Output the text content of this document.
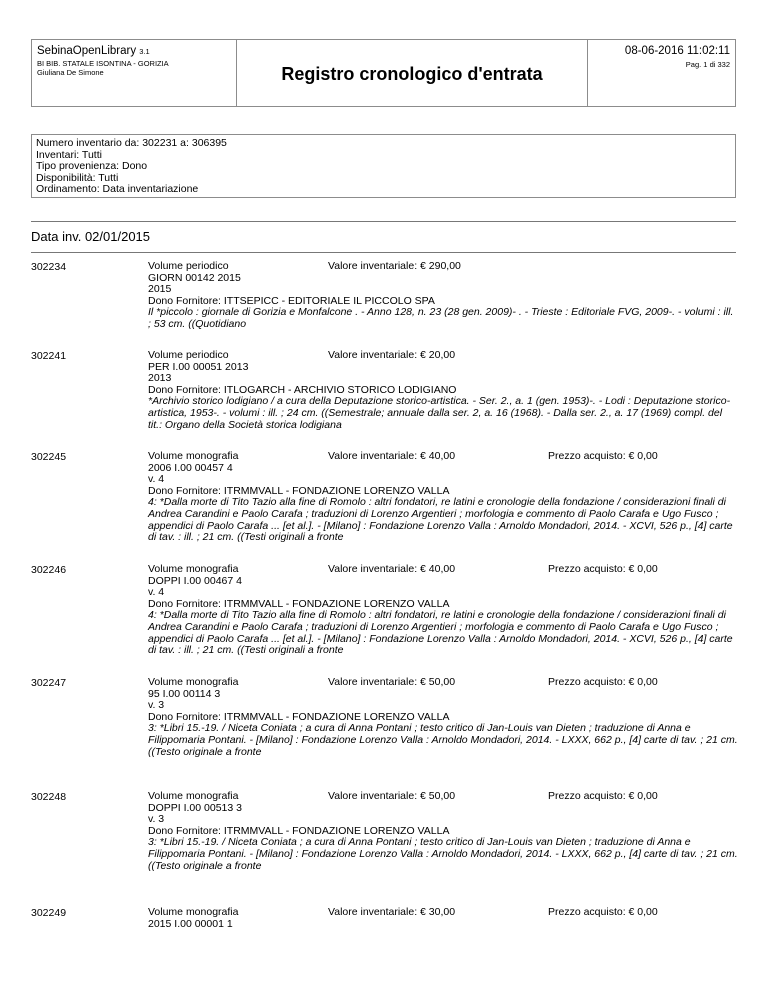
SebinaOpenLibrary 3.1
BI BIB. STATALE ISONTINA - GORIZIA
Giuliana De Simone	Registro cronologico d'entrata
08-06-2016 11:02:11
Pag. 1 di 332
Numero inventario da: 302231 a: 306395
Inventari: Tutti
Tipo provenienza: Dono
Disponibilità: Tutti
Ordinamento: Data inventariazione
Data inv. 02/01/2015
302234	Volume periodico	Valore inventariale: € 290,00
GIORN 00142 2015
2015
Dono Fornitore: ITTSEPICC - EDITORIALE IL PICCOLO SPA
Il *piccolo : giornale di Gorizia e Monfalcone . - Anno 128, n. 23 (28 gen. 2009)- . - Trieste : Editoriale FVG, 2009-. - volumi : ill. ; 53 cm. ((Quotidiano
302241	Volume periodico	Valore inventariale: € 20,00
PER I.00 00051 2013
2013
Dono Fornitore: ITLOGARCH - ARCHIVIO STORICO LODIGIANO
*Archivio storico lodigiano / a cura della Deputazione storico-artistica. - Ser. 2., a. 1 (gen. 1953)-. - Lodi : Deputazione storico-artistica, 1953-. - volumi : ill. ; 24 cm. ((Semestrale; annuale dalla ser. 2, a. 16 (1968). - Dalla ser. 2., a. 17 (1969) compl. del tit.: Organo della Società storica lodigiana
302245	Volume monografia	Valore inventariale: € 40,00	Prezzo acquisto: € 0,00
2006 I.00 00457 4
v. 4
Dono Fornitore: ITRMMVALL - FONDAZIONE LORENZO VALLA
4: *Dalla morte di Tito Tazio alla fine di Romolo : altri fondatori, re latini e cronologie della fondazione / considerazioni finali di Andrea Carandini e Paolo Carafa ; traduzioni di Lorenzo Argentieri ; morfologia e commento di Paolo Carafa e Ugo Fusco ; appendici di Paolo Carafa ... [et al.]. - [Milano] : Fondazione Lorenzo Valla : Arnoldo Mondadori, 2014. - XCVI, 526 p., [4] carte di tav. : ill. ; 21 cm. ((Testi originali a fronte
302246	Volume monografia	Valore inventariale: € 40,00	Prezzo acquisto: € 0,00
DOPPI I.00 00467 4
v. 4
Dono Fornitore: ITRMMVALL - FONDAZIONE LORENZO VALLA
4: *Dalla morte di Tito Tazio alla fine di Romolo : altri fondatori, re latini e cronologie della fondazione / considerazioni finali di Andrea Carandini e Paolo Carafa ; traduzioni di Lorenzo Argentieri ; morfologia e commento di Paolo Carafa e Ugo Fusco ; appendici di Paolo Carafa ... [et al.]. - [Milano] : Fondazione Lorenzo Valla : Arnoldo Mondadori, 2014. - XCVI, 526 p., [4] carte di tav. : ill. ; 21 cm. ((Testi originali a fronte
302247	Volume monografia	Valore inventariale: € 50,00	Prezzo acquisto: € 0,00
95 I.00 00114 3
v. 3
Dono Fornitore: ITRMMVALL - FONDAZIONE LORENZO VALLA
3: *Libri 15.-19. / Niceta Coniata ; a cura di Anna Pontani ; testo critico di Jan-Louis van Dieten ; traduzione di Anna e Filippomaria Pontani. - [Milano] : Fondazione Lorenzo Valla : Arnoldo Mondadori, 2014. - LXXX, 662 p., [4] carte di tav. ; 21 cm. ((Testo originale a fronte
302248	Volume monografia	Valore inventariale: € 50,00	Prezzo acquisto: € 0,00
DOPPI I.00 00513 3
v. 3
Dono Fornitore: ITRMMVALL - FONDAZIONE LORENZO VALLA
3: *Libri 15.-19. / Niceta Coniata ; a cura di Anna Pontani ; testo critico di Jan-Louis van Dieten ; traduzione di Anna e Filippomaria Pontani. - [Milano] : Fondazione Lorenzo Valla : Arnoldo Mondadori, 2014. - LXXX, 662 p., [4] carte di tav. ; 21 cm. ((Testo originale a fronte
302249	Volume monografia	Valore inventariale: € 30,00	Prezzo acquisto: € 0,00
2015 I.00 00001 1
